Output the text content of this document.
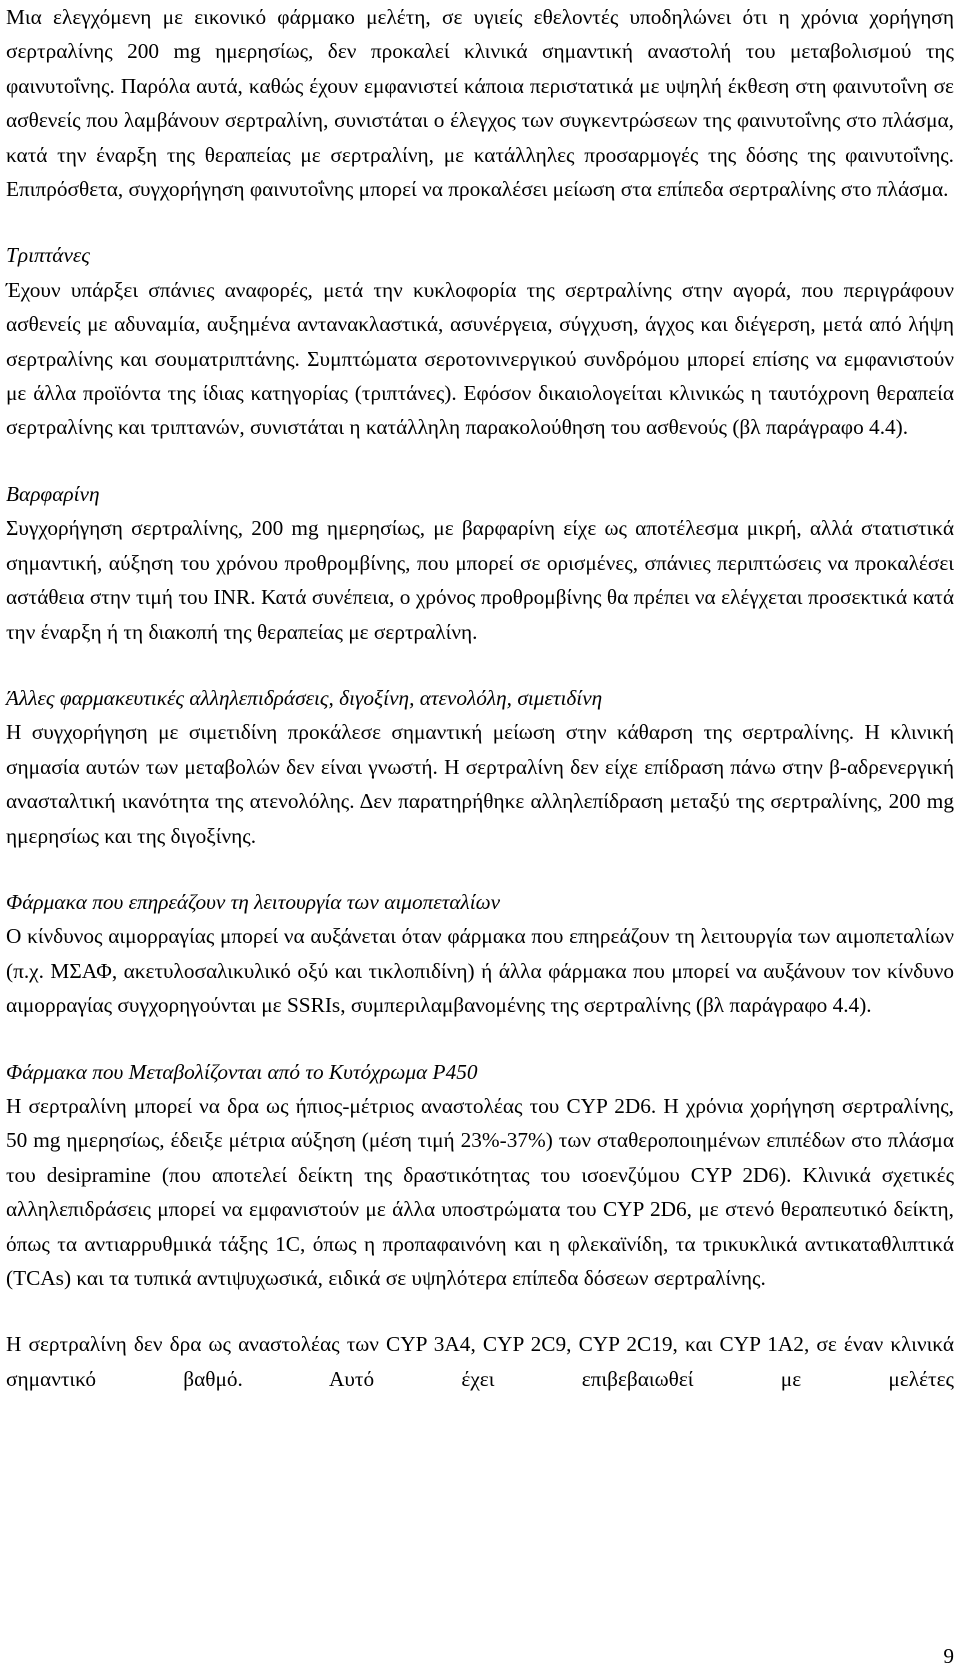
Μια ελεγχόμενη με εικονικό φάρμακο μελέτη, σε υγιείς εθελοντές υποδηλώνει ότι η χρόνια χορήγηση σερτραλίνης 200 mg ημερησίως, δεν προκαλεί κλινικά σημαντική αναστολή του μεταβολισμού της φαινυτοΐνης. Παρόλα αυτά, καθώς έχουν εμφανιστεί κάποια περιστατικά με υψηλή έκθεση στη φαινυτοΐνη σε ασθενείς που λαμβάνουν σερτραλίνη, συνιστάται ο έλεγχος των συγκεντρώσεων της φαινυτοΐνης στο πλάσμα, κατά την έναρξη της θεραπείας με σερτραλίνη, με κατάλληλες προσαρμογές της δόσης της φαινυτοΐνης. Επιπρόσθετα, συγχορήγηση φαινυτοΐνης μπορεί να προκαλέσει μείωση στα επίπεδα σερτραλίνης στο πλάσμα.

Τριπτάνες

Έχουν υπάρξει σπάνιες αναφορές, μετά την κυκλοφορία της σερτραλίνης στην αγορά, που περιγράφουν ασθενείς με αδυναμία, αυξημένα αντανακλαστικά, ασυνέργεια, σύγχυση, άγχος και διέγερση, μετά από λήψη σερτραλίνης και σουματριπτάνης. Συμπτώματα σεροτονινεργικού συνδρόμου μπορεί επίσης να εμφανιστούν με άλλα προϊόντα της ίδιας κατηγορίας (τριπτάνες). Εφόσον δικαιολογείται κλινικώς η ταυτόχρονη θεραπεία σερτραλίνης και τριπτανών, συνιστάται η κατάλληλη παρακολούθηση του ασθενούς (βλ παράγραφο 4.4).

Βαρφαρίνη

Συγχορήγηση σερτραλίνης, 200 mg ημερησίως, με βαρφαρίνη είχε ως αποτέλεσμα μικρή, αλλά στατιστικά σημαντική, αύξηση του χρόνου προθρομβίνης, που μπορεί σε ορισμένες, σπάνιες περιπτώσεις να προκαλέσει αστάθεια στην τιμή του INR. Κατά συνέπεια, ο χρόνος προθρομβίνης θα πρέπει να ελέγχεται προσεκτικά κατά την έναρξη ή τη διακοπή της θεραπείας με σερτραλίνη.

Άλλες φαρμακευτικές αλληλεπιδράσεις, διγοξίνη, ατενολόλη, σιμετιδίνη

Η συγχορήγηση με σιμετιδίνη προκάλεσε σημαντική μείωση στην κάθαρση της σερτραλίνης. Η κλινική σημασία αυτών των μεταβολών δεν είναι γνωστή. Η σερτραλίνη δεν είχε επίδραση πάνω στην β-αδρενεργική ανασταλτική ικανότητα της ατενολόλης. Δεν παρατηρήθηκε αλληλεπίδραση μεταξύ της σερτραλίνης, 200 mg ημερησίως και της διγοξίνης.

Φάρμακα που επηρεάζουν τη λειτουργία των αιμοπεταλίων

Ο κίνδυνος αιμορραγίας μπορεί να αυξάνεται όταν φάρμακα που επηρεάζουν τη λειτουργία των αιμοπεταλίων (π.χ. ΜΣΑΦ, ακετυλοσαλικυλικό οξύ και τικλοπιδίνη) ή άλλα φάρμακα που μπορεί να αυξάνουν τον κίνδυνο αιμορραγίας συγχορηγούνται με SSRIs, συμπεριλαμβανομένης της σερτραλίνης (βλ παράγραφο 4.4).

Φάρμακα που Μεταβολίζονται από το Κυτόχρωμα P450

Η σερτραλίνη μπορεί να δρα ως ήπιος-μέτριος αναστολέας του CYP 2D6. Η χρόνια χορήγηση σερτραλίνης, 50 mg ημερησίως, έδειξε μέτρια αύξηση (μέση τιμή 23%-37%) των σταθεροποιημένων επιπέδων στο πλάσμα του desipramine (που αποτελεί δείκτη της δραστικότητας του ισοενζύμου CYP 2D6). Κλινικά σχετικές αλληλεπιδράσεις μπορεί να εμφανιστούν με άλλα υποστρώματα του CYP 2D6, με στενό θεραπευτικό δείκτη, όπως τα αντιαρρυθμικά τάξης 1C, όπως η προπαφαινόνη και η φλεκαϊνίδη, τα τρικυκλικά αντικαταθλιπτικά (TCAs) και τα τυπικά αντιψυχωσικά, ειδικά σε υψηλότερα επίπεδα δόσεων σερτραλίνης.

Η σερτραλίνη δεν δρα ως αναστολέας των CYP 3A4, CYP 2C9, CYP 2C19, και CYP 1A2, σε έναν κλινικά σημαντικό βαθμό. Αυτό έχει επιβεβαιωθεί με μελέτες

9
